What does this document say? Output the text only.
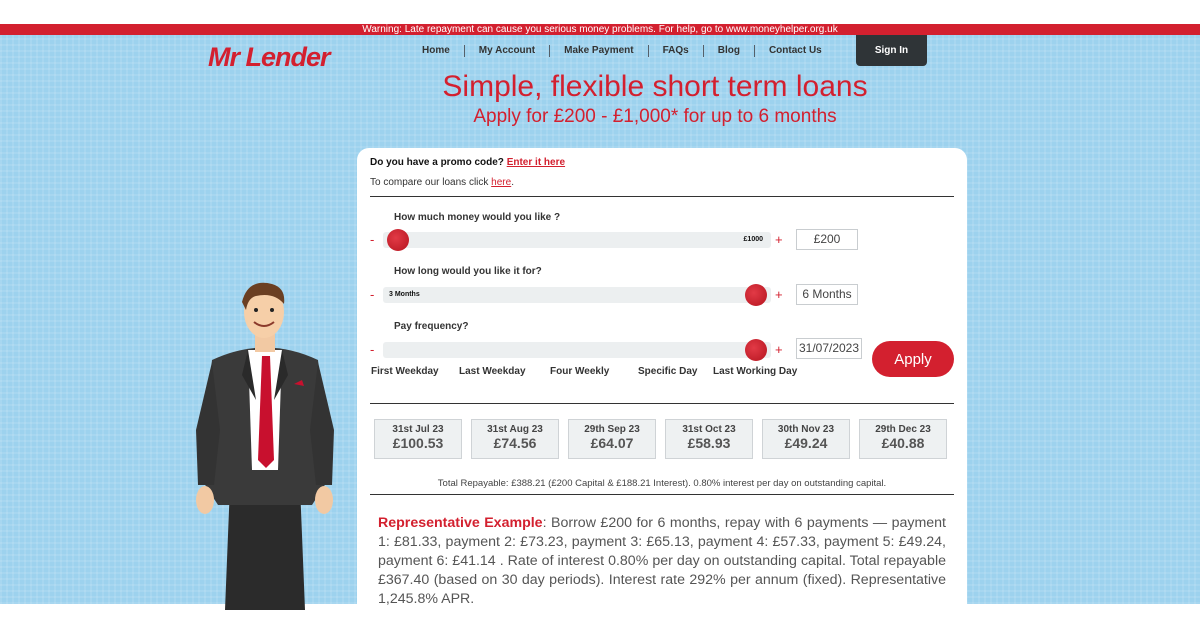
Warning: Late repayment can cause you serious money problems. For help, go to www.moneyhelper.org.uk
Mr Lender	Home	My Account	Make Payment	FAQs	Blog	Contact Us	Sign In
Simple, flexible short term loans
Apply for £200 - £1,000* for up to 6 months
Do you have a promo code? Enter it here
To compare our loans click here.
How much money would you like ?
-	£1000 +	£200
How long would you like it for?
- 3 Months	+	6 Months
Pay frequency?
-	+ 31/07/2023
Apply
First Weekday Last Weekday Four Weekly	Specific Day Last Working Day
31st Jul 23
£100.53
31st Aug 23
£74.56
29th Sep 23
£64.07
31st Oct 23
£58.93
30th Nov 23
£49.24
29th Dec 23
£40.88
Total Repayable: £388.21 (£200 Capital & £188.21 Interest). 0.80% interest per day on outstanding capital.
Representative Example: Borrow £200 for 6 months, repay with 6 payments — payment 1: £81.33, payment 2: £73.23, payment 3: £65.13, payment 4: £57.33, payment 5: £49.24, payment 6: £41.14 . Rate of interest 0.80% per day on outstanding capital. Total repayable £367.40 (based on 30 day periods). Interest rate 292% per annum (fixed). Representative 1,245.8% APR.
